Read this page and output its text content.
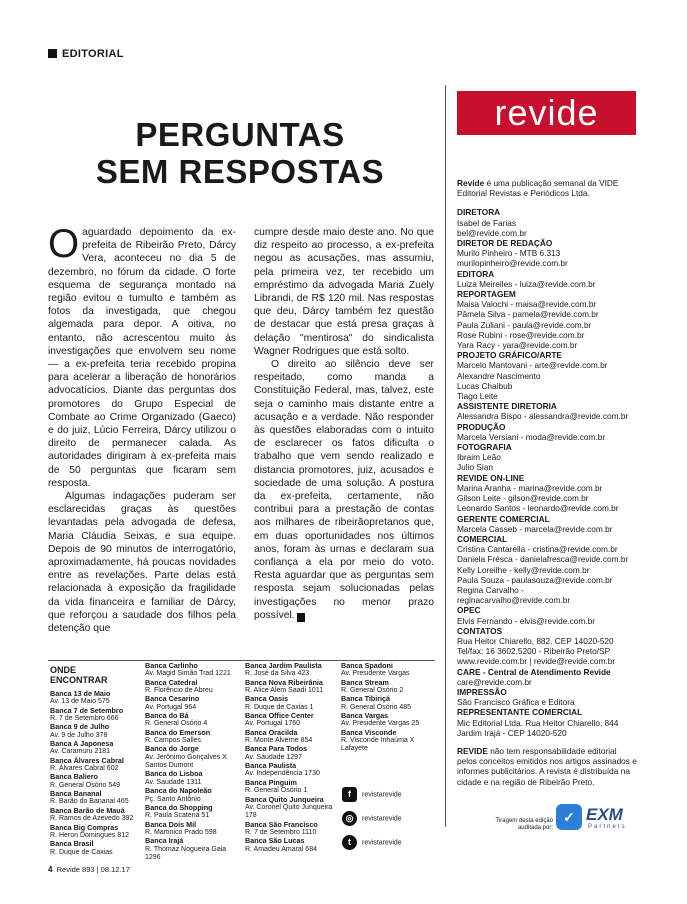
EDITORIAL
PERGUNTAS
SEM RESPOSTAS

Oaguardado depoimento da ex-prefeita de Ribeirão Preto, Dárcy Vera, aconteceu no dia 5 de dezembro, no fórum da cidade. O forte esquema de segurança montado na região evitou o tumulto e também as fotos da investigada, que chegou algemada para depor. A oitiva, no entanto, não acrescentou muito às investigações que envolvem seu nome — a ex-prefeita teria recebido propina para acelerar a liberação de honorários advocatícios. Diante das perguntas dos promotores do Grupo Especial de Combate ao Crime Organizado (Gaeco) e do juiz, Lúcio Ferreira, Dárcy utilizou o direito de permanecer calada. As autoridades dirigiram à ex-prefeita mais de 50 perguntas que ficaram sem resposta.

Algumas indagações puderam ser esclarecidas graças às questões levantadas pela advogada de defesa, Maria Cláudia Seixas, e sua equipe. Depois de 90 minutos de interrogatório, aproximadamente, há poucas novidades entre as revelações. Parte delas está relacionada à exposição da fragilidade da vida financeira e familiar de Dárcy, que reforçou a saudade dos filhos pela detenção que

cumpre desde maio deste ano. No que diz respeito ao processo, a ex-prefeita negou as acusações, mas assumiu, pela primeira vez, ter recebido um empréstimo da advogada Maria Zuely Librandi, de R$ 120 mil. Nas respostas que deu, Dárcy também fez questão de destacar que está presa graças à delação "mentirosa" do sindicalista Wagner Rodrigues que está solto.

O direito ao silêncio deve ser respeitado, como manda a Constituição Federal, mas, talvez, este seja o caminho mais distante entre a acusação e a verdade. Não responder às questões elaboradas com o intuito de esclarecer os fatos dificulta o trabalho que vem sendo realizado e distancia promotores, juiz, acusados e sociedade de uma solução. A postura da ex-prefeita, certamente, não contribui para a prestação de contas aos milhares de ribeirãopretanos que, em duas oportunidades nos últimos anos, foram às urnas e declaram sua confiança a ela por meio do voto. Resta aguardar que as perguntas sem resposta sejam solucionadas pelas investigações no menor prazo possível.	r

ONDE ENCONTRAR
Banca 13 de Maio
Av. 13 de Maio 575
Banca 7 de Setembro
R. 7 de Setembro 666
Banca 9 de Julho
Av. 9 de Julho 378
Banca A Japonesa
Av. Caramuru 2181
Banca Álvares Cabral
R. Álvares Cabral 602
Banca Baliero
R. General Osório 549
Banca Bananal
R. Barão do Bananal 465
Banca Barão de Mauá
R. Ramos de Azevedo 392
Banca Big Compras
R. Heron Domingues 812
Banca Brasil
R. Duque de Caxias
Banca Carlinho
Av. Magid Simão Trad 1221
Banca Catedral
R. Florêncio de Abreu
Banca Cesarino
Av. Portugal 964
Banca do Bá
R. General Osório 4
Banca do Emerson
R. Campos Salles
Banca do Jorge
Av. Jerônimo Gonçalves X Santos Dumont
Banca do Lisboa
Av. Saudade 1311
Banca do Napoleão
Pç. Santo Antônio
Banca do Shopping
R. Paula Scatena 51
Banca Dois Mil
R. Martinico Prado 598
Banca Irajá
R. Thomaz Nogueira Gaia 1296
Banca Jardim Paulista
R. José da Silva 423
Banca Nova Ribeirânia
R. Alice Alem Saadi 1011
Banca Oasis
R. Duque de Caxias 1
Banca Office Center
Av. Portugal 1760
Banca Oracilda
R. Monte Alverne 854
Banca Para Todos
Av. Saudade 1297
Banca Paulista
Av. Independência 1730
Banca Pinguim
R. General Osório 1
Banca Quito Junqueira
Av. Coronel Quito Junqueira 178
Banca São Francisco
R. 7 de Setembro 1110
Banca São Lucas
R. Amadeu Amaral 684
Banca Spadoni
Av. Presidente Vargas
Banca Stream
R. General Osório 2
Banca Tibiriçá
R. General Osório 485
Banca Vargas
Av. Presidente Vargas 25
Banca Visconde
R. Visconde Inhaúma X Lafayete
f revistarevide
◎ revistarevide
t revistarevide
4 Revide 893 | 08.12.17
revide
Revide é uma publicação semanal da VIDE Editorial Revistas e Periódicos Ltda.
DIRETORA
Isabel de Farias
bel@revide.com.br
DIRETOR DE REDAÇÃO
Murilo Pinheiro - MTB 6.313
murilopinheiro@revide.com.br
EDITORA
Luiza Meirelles - luiza@revide.com.br
REPORTAGEM
Maisa Valochi - maisa@revide.com.br
Pâmela Silva - pamela@revide.com.br
Paula Zuliani - paula@revide.com.br
Rose Rubini - rose@revide.com.br
Yara Racy - yara@revide.com.br
PROJETO GRÁFICO/ARTE
Marcelo Mantovani - arte@revide.com.br
Alexandre Nascimento
Lucas Chaibub
Tiago Leite
ASSISTENTE DIRETORIA
Alessandra Bispo - alessandra@revide.com.br
PRODUÇÃO
Marcela Versiani - moda@revide.com.br
FOTOGRAFIA
Ibraim Leão
Julio Sian
REVIDE ON-LINE
Marina Aranha - marina@revide.com.br
Gilson Leite - gilson@revide.com.br
Leonardo Santos - leonardo@revide.com.br
GERENTE COMERCIAL
Marcela Casseb - marcela@revide.com.br
COMERCIAL
Cristina Cantarella - cristina@revide.com.br
Daniela Frésca - danielafresca@revide.com.br
Kelly Loreilhe - kelly@revide.com.br
Paula Souza - paulasouza@revide.com.br
Regina Carvalho - reginacarvalho@revide.com.br
OPEC
Elvis Fernando - elvis@revide.com.br
CONTATOS
Rua Heitor Chiarello, 882. CEP 14020-520
Tel/fax: 16 3602.5200 - Ribeirão Preto/SP
www.revide.com.br | revide@revide.com.br
CARE - Central de Atendimento Revide
care@revide.com.br
IMPRESSÃO
São Francisco Gráfica e Editora
REPRESENTANTE COMERCIAL
Mic Editorial Ltda. Rua Heitor Chiarello, 844
Jardim Irajá - CEP 14020-520
REVIDE não tem responsabilidade editorial pelos conceitos emitidos nos artigos assinados e informes publicitários. A revista é distribuída na cidade e na região de Ribeirão Preto.
Tiragem desta edição auditada por:
✓ EXM
Partners
